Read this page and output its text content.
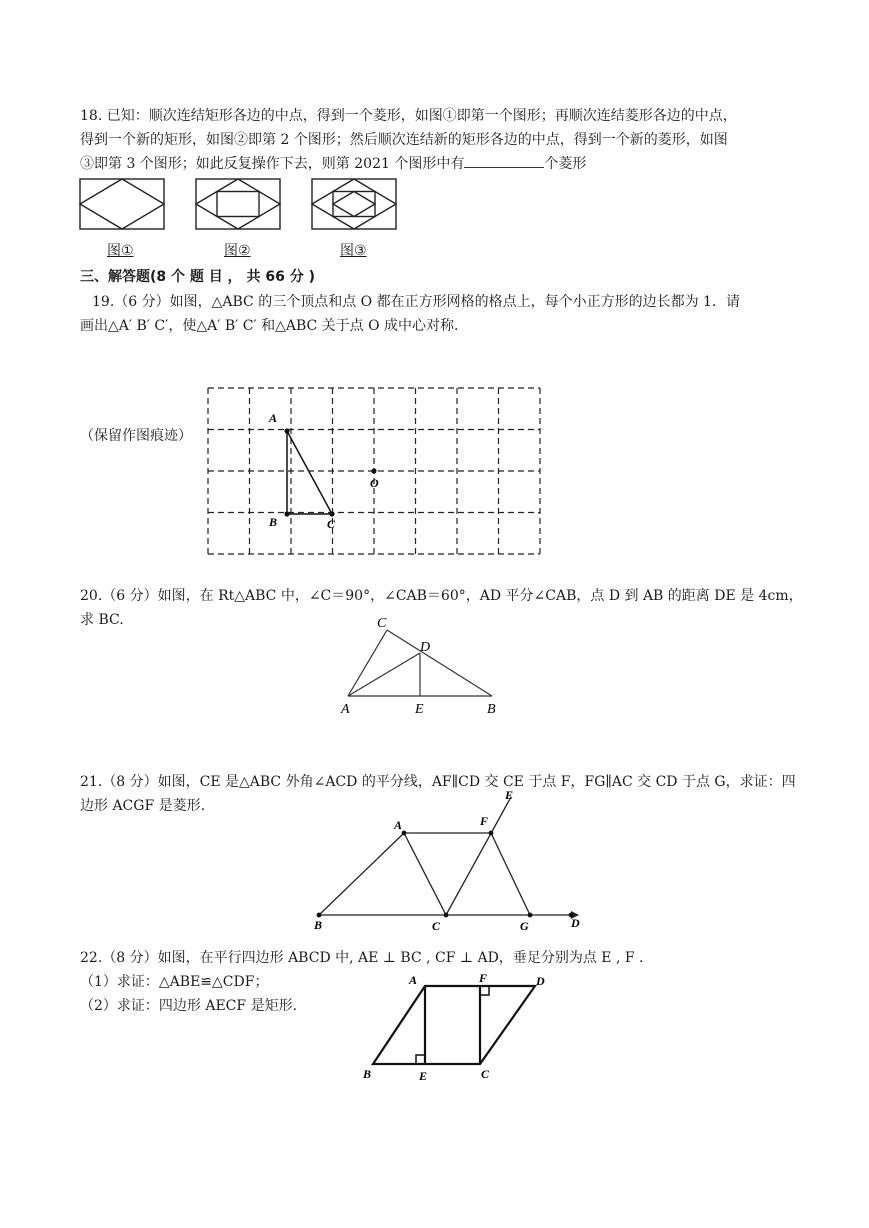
18. 已知：顺次连结矩形各边的中点，得到一个菱形，如图①即第一个图形；再顺次连结菱形各边的中点，

得到一个新的矩形，如图②即第 2 个图形；然后顺次连结新的矩形各边的中点，得到一个新的菱形，如图

③即第 3 个图形；如此反复操作下去，则第 2021 个图形中有	个菱形

图①	图②	图③
三、解答题(8 个 题 目 ， 共 66 分 )

19.（6 分）如图，△ABC 的三个顶点和点 O 都在正方形网格的格点上，每个小正方形的边长都为 1．请

画出△A′ B′ C′，使△A′ B′ C′ 和△ABC 关于点 O 成中心对称.

（保留作图痕迹）

A
B	C
O

20.（6 分）如图，在 Rt△ABC 中，∠C＝90°，∠CAB＝60°，AD 平分∠CAB，点 D 到 AB 的距离 DE 是 4cm，

求 BC.	C
D
A	E	B

21.（8 分）如图，CE 是△ABC 外角∠ACD 的平分线，AF∥CD 交 CE 于点 F，FG∥AC 交 CD 于点 G，求证：四

边形 ACGF 是菱形.

B
A
C
F
E
G	D

22.（8 分）如图，在平行四边形 ABCD 中, AE ⊥ BC , CF ⊥ AD，垂足分别为点 E , F .

（1）求证：△ABE≌△CDF；

（2）求证：四边形 AECF 是矩形.

A	F	D
B	E	C
